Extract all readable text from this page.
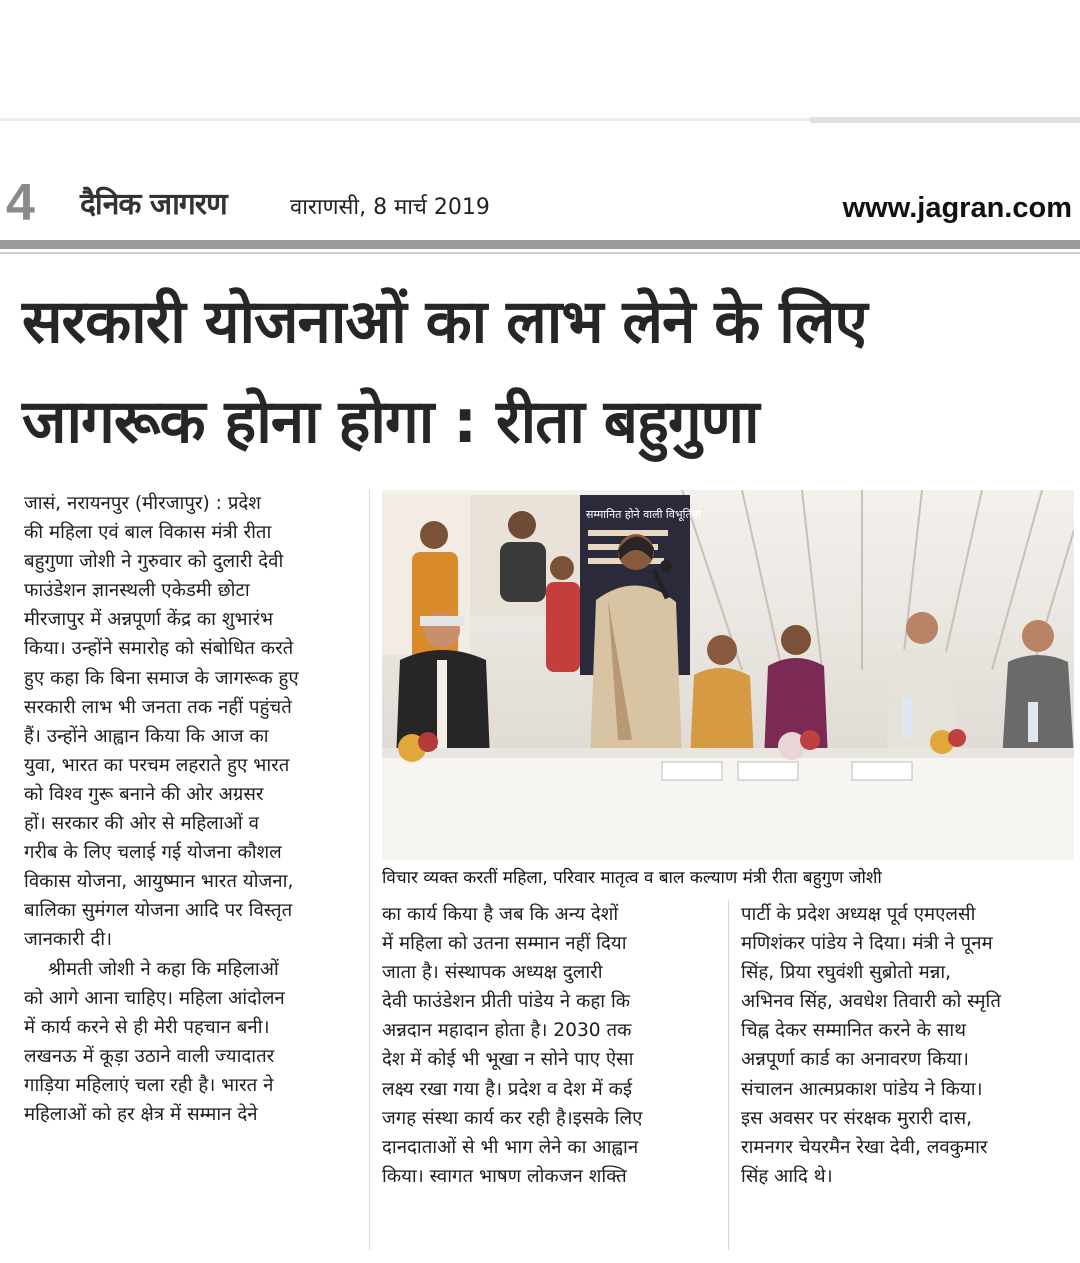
4 दैनिक जागरण	वाराणसी, 8 मार्च 2019	www.jagran.com
सरकारी योजनाओं का लाभ लेने के लिए
जागरूक होना होगा : रीता बहुगुणा
जासं, नरायनपुर (मीरजापुर) : प्रदेश
की महिला एवं बाल विकास मंत्री रीता
बहुगुणा जोशी ने गुरुवार को दुलारी देवी
फाउंडेशन ज्ञानस्थली एकेडमी छोटा
मीरजापुर में अन्नपूर्णा केंद्र का शुभारंभ
किया। उन्होंने समारोह को संबोधित करते
हुए कहा कि बिना समाज के जागरूक हुए
सरकारी लाभ भी जनता तक नहीं पहुंचते
हैं। उन्होंने आह्वान किया कि आज का
युवा, भारत का परचम लहराते हुए भारत
को विश्व गुरू बनाने की ओर अग्रसर
हों। सरकार की ओर से महिलाओं व
गरीब के लिए चलाई गई योजना कौशल
विकास योजना, आयुष्मान भारत योजना,
बालिका सुमंगल योजना आदि पर विस्तृत
जानकारी दी।
श्रीमती जोशी ने कहा कि महिलाओं
को आगे आना चाहिए। महिला आंदोलन
में कार्य करने से ही मेरी पहचान बनी।
लखनऊ में कूड़ा उठाने वाली ज्यादातर
गाड़िया महिलाएं चला रही है। भारत ने
महिलाओं को हर क्षेत्र में सम्मान देने
सम्मानित होने वाली विभूतियां
विचार व्यक्त करतीं महिला, परिवार मातृत्व व बाल कल्याण मंत्री रीता बहुगुण जोशी
का कार्य किया है जब कि अन्य देशों
में महिला को उतना सम्मान नहीं दिया
जाता है। संस्थापक अध्यक्ष दुलारी
देवी फाउंडेशन प्रीती पांडेय ने कहा कि
अन्नदान महादान होता है। 2030 तक
देश में कोई भी भूखा न सोने पाए ऐसा
लक्ष्य रखा गया है। प्रदेश व देश में कई
जगह संस्था कार्य कर रही है।इसके लिए
दानदाताओं से भी भाग लेने का आह्वान
किया। स्वागत भाषण लोकजन शक्ति
पार्टी के प्रदेश अध्यक्ष पूर्व एमएलसी
मणिशंकर पांडेय ने दिया। मंत्री ने पूनम
सिंह, प्रिया रघुवंशी सुब्रोतो मन्ना,
अभिनव सिंह, अवधेश तिवारी को स्मृति
चिह्न देकर सम्मानित करने के साथ
अन्नपूर्णा कार्ड का अनावरण किया।
संचालन आत्मप्रकाश पांडेय ने किया।
इस अवसर पर संरक्षक मुरारी दास,
रामनगर चेयरमैन रेखा देवी, लवकुमार
सिंह आदि थे।
